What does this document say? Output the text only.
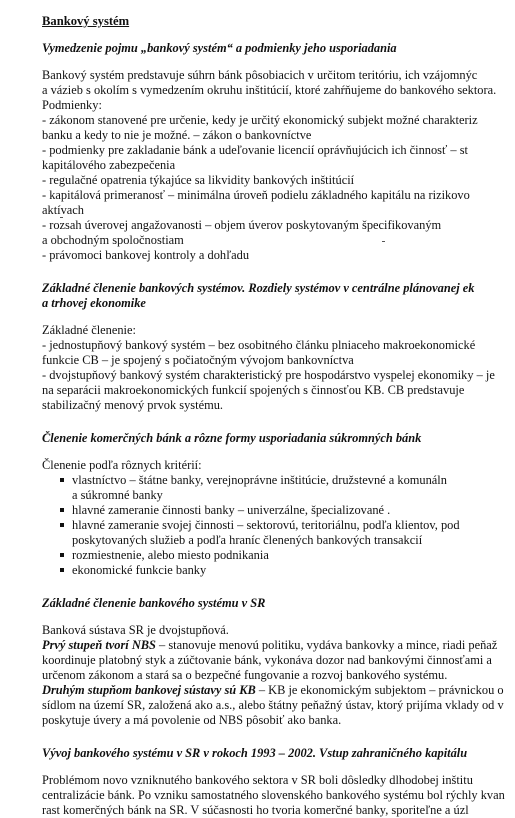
Bankový systém
Vymedzenie pojmu „bankový systém“ a podmienky jeho usporiadania

Bankový systém predstavuje súhrn bánk pôsobiacich v určitom teritóriu, ich vzájomnýc

a vázieb s okolím s vymedzením okruhu inštitúcií, ktoré zahŕňujeme do bankového sektora.

Podmienky:

- zákonom stanovené pre určenie, kedy je určitý ekonomický subjekt možné charakteriz

banku a kedy to nie je možné. – zákon o bankovníctve

- podmienky pre zakladanie bánk a udeľovanie licencií oprávňujúcich ich činnosť – st

kapitálového zabezpečenia

- regulačné opatrenia týkajúce sa likvidity bankových inštitúcií

- kapitálová primeranosť – minimálna úroveň podielu základného kapitálu na rizikovo

aktívach

- rozsah úverovej angažovanosti – objem úverov poskytovaným špecifikovaným

a obchodným spoločnostiam

- právomoci bankovej kontroly a dohľadu

Základné členenie bankových systémov. Rozdiely systémov v centrálne plánovanej ek
a trhovej ekonomike

Základné členenie:

- jednostupňový bankový systém – bez osobitného článku plniaceho makroekonomické

funkcie CB – je spojený s počiatočným vývojom bankovníctva

- dvojstupňový bankový systém charakteristický pre hospodárstvo vyspelej ekonomiky – je

na separácii makroekonomických funkcií spojených s činnosťou KB. CB predstavuje

stabilizačný menový prvok systému.

Členenie komerčných bánk a rôzne formy usporiadania súkromných bánk

Členenie podľa rôznych kritérií:

vlastníctvo – štátne banky, verejnoprávne inštitúcie, družstevné a komunáln
a súkromné banky
hlavné zameranie činnosti banky – univerzálne, špecializované .
hlavné zameranie svojej činnosti – sektorovú, teritoriálnu, podľa klientov, pod
poskytovaných služieb a podľa hraníc členených bankových transakcií
rozmiestnenie, alebo miesto podnikania
ekonomické funkcie banky
Základné členenie bankového systému v SR

Banková sústava SR je dvojstupňová.

Prvý stupeň tvorí NBS – stanovuje menovú politiku, vydáva bankovky a mince, riadi peňaž

koordinuje platobný styk a zúčtovanie bánk, vykonáva dozor nad bankovými činnosťami a

určenom zákonom a stará sa o bezpečné fungovanie a rozvoj bankového systému.

Druhým stupňom bankovej sústavy sú KB – KB je ekonomickým subjektom – právnickou o

sídlom na území SR, založená ako a.s., alebo štátny peňažný ústav, ktorý prijíma vklady od v

poskytuje úvery a má povolenie od NBS pôsobiť ako banka.

Vývoj bankového systému v SR v rokoch 1993 – 2002. Vstup zahraničného kapitálu

Problémom novo vzniknutého bankového sektora v SR boli dôsledky dlhodobej inštitu

centralizácie bánk. Po vzniku samostatného slovenského bankového systému bol rýchly kvan

rast komerčných bánk na SR. V súčasnosti ho tvoria komerčné banky, sporiteľne a úzl
